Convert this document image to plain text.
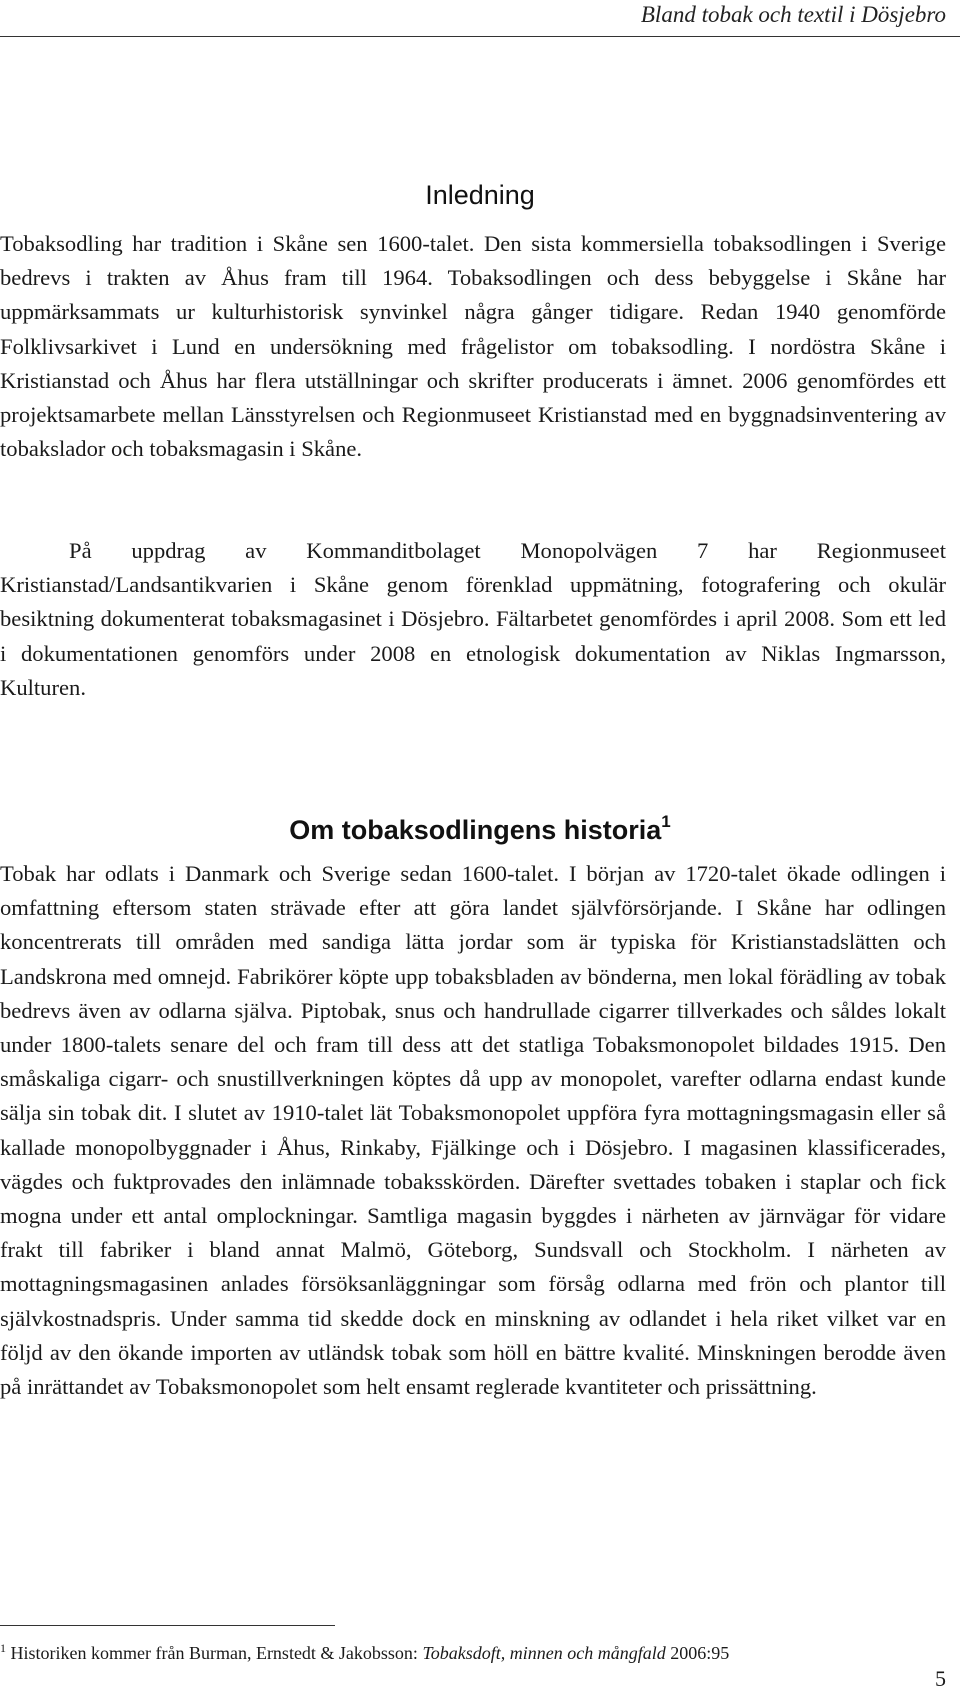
Bland tobak och textil i Dösjebro
Inledning

Tobaksodling har tradition i Skåne sen 1600-talet. Den sista kommersiella tobaksodlingen i Sverige bedrevs i trakten av Åhus fram till 1964. Tobaksodlingen och dess bebyggelse i Skåne har uppmärksammats ur kulturhistorisk synvinkel några gånger tidigare. Redan 1940 genomförde Folklivsarkivet i Lund en undersökning med frågelistor om tobaksodling. I nordöstra Skåne i Kristianstad och Åhus har flera utställningar och skrifter producerats i ämnet. 2006 genomfördes ett projektsamarbete mellan Länsstyrelsen och Regionmuseet Kristianstad med en byggnadsinventering av tobakslador och tobaksmagasin i Skåne.

På uppdrag av Kommanditbolaget Monopolvägen 7 har Regionmuseet Kristianstad/Landsantikvarien i Skåne genom förenklad uppmätning, fotografering och okulär besiktning dokumenterat tobaksmagasinet i Dösjebro. Fältarbetet genomfördes i april 2008. Som ett led i dokumentationen genomförs under 2008 en etnologisk dokumentation av Niklas Ingmarsson, Kulturen.

Om tobaksodlingens historia$^1$

Tobak har odlats i Danmark och Sverige sedan 1600-talet. I början av 1720-talet ökade odlingen i omfattning eftersom staten strävade efter att göra landet självförsörjande. I Skåne har odlingen koncentrerats till områden med sandiga lätta jordar som är typiska för Kristianstadslätten och Landskrona med omnejd. Fabrikörer köpte upp tobaksbladen av bönderna, men lokal förädling av tobak bedrevs även av odlarna själva. Piptobak, snus och handrullade cigarrer tillverkades och såldes lokalt under 1800-talets senare del och fram till dess att det statliga Tobaksmonopolet bildades 1915. Den småskaliga cigarr- och snustillverkningen köptes då upp av monopolet, varefter odlarna endast kunde sälja sin tobak dit. I slutet av 1910-talet lät Tobaksmonopolet uppföra fyra mottagningsmagasin eller så kallade monopolbyggnader i Åhus, Rinkaby, Fjälkinge och i Dösjebro. I magasinen klassificerades, vägdes och fuktprovades den inlämnade tobaksskörden. Därefter svettades tobaken i staplar och fick mogna under ett antal omplockningar. Samtliga magasin byggdes i närheten av järnvägar för vidare frakt till fabriker i bland annat Malmö, Göteborg, Sundsvall och Stockholm. I närheten av mottagningsmagasinen anlades försöksanläggningar som försåg odlarna med frön och plantor till självkostnadspris. Under samma tid skedde dock en minskning av odlandet i hela riket vilket var en följd av den ökande importen av utländsk tobak som höll en bättre kvalité. Minskningen berodde även på inrättandet av Tobaksmonopolet som helt ensamt reglerade kvantiteter och prissättning.

$^1$ Historiken kommer från Burman, Ernstedt & Jakobsson: Tobaksdoft, minnen och mångfald 2006:95

5
